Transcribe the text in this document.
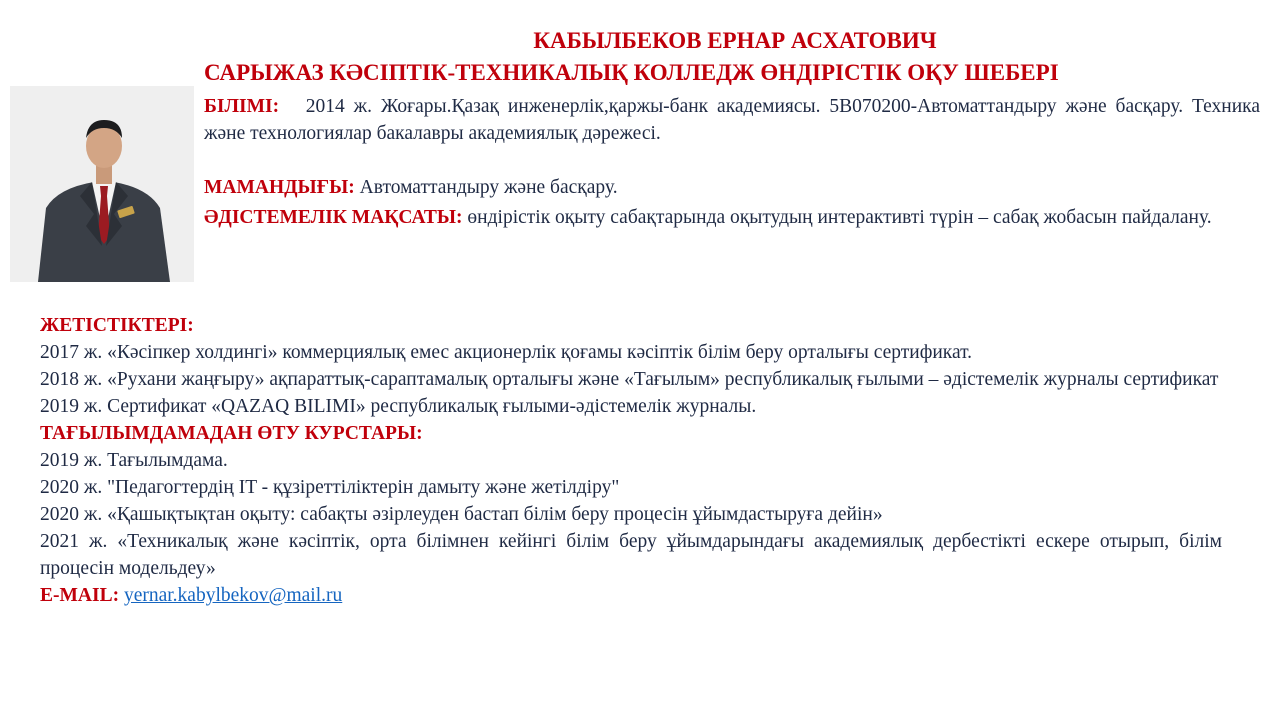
КАБЫЛБЕКОВ ЕРНАР АСХАТОВИЧ
САРЫЖАЗ КӘСІПТІК-ТЕХНИКАЛЫҚ КОЛЛЕДЖ ӨНДІРІСТІК ОҚУ ШЕБЕРІ
БІЛІМІ: 2014 ж. Жоғары.Қазақ инженерлік,қаржы-банк академиясы. 5В070200-Автоматтандыру және басқару. Техника және технологиялар бакалавры академиялық дәрежесі.
МАМАНДЫҒЫ: Автоматтандыру және басқару.
ӘДІСТЕМЕЛІК МАҚСАТЫ: өндірістік оқыту сабақтарында оқытудың интерактивті түрін – сабақ жобасын пайдалану.
ЖЕТІСТІКТЕРІ:
2017 ж. «Кәсіпкер холдингі» коммерциялық емес акционерлік қоғамы кәсіптік білім беру орталығы сертификат.
2018 ж. «Рухани жаңғыру» ақпараттық-сараптамалық орталығы және «Тағылым» республикалық ғылыми – әдістемелік журналы сертификат
2019 ж. Сертификат «QAZAQ BILIMI» республикалық ғылыми-әдістемелік журналы.
ТАҒЫЛЫМДАМАДАН ӨТУ КУРСТАРЫ:
2019 ж. Тағылымдама.
2020 ж. "Педагогтердің IT - құзіреттіліктерін дамыту және жетілдіру"
2020 ж. «Қашықтықтан оқыту: сабақты әзірлеуден бастап білім беру процесін ұйымдастыруға дейін»
2021 ж. «Техникалық және кәсіптік, орта білімнен кейінгі білім беру ұйымдарындағы академиялық дербестікті ескере отырып, білім процесін модельдеу»
E-MAIL: yernar.kabylbekov@mail.ru
